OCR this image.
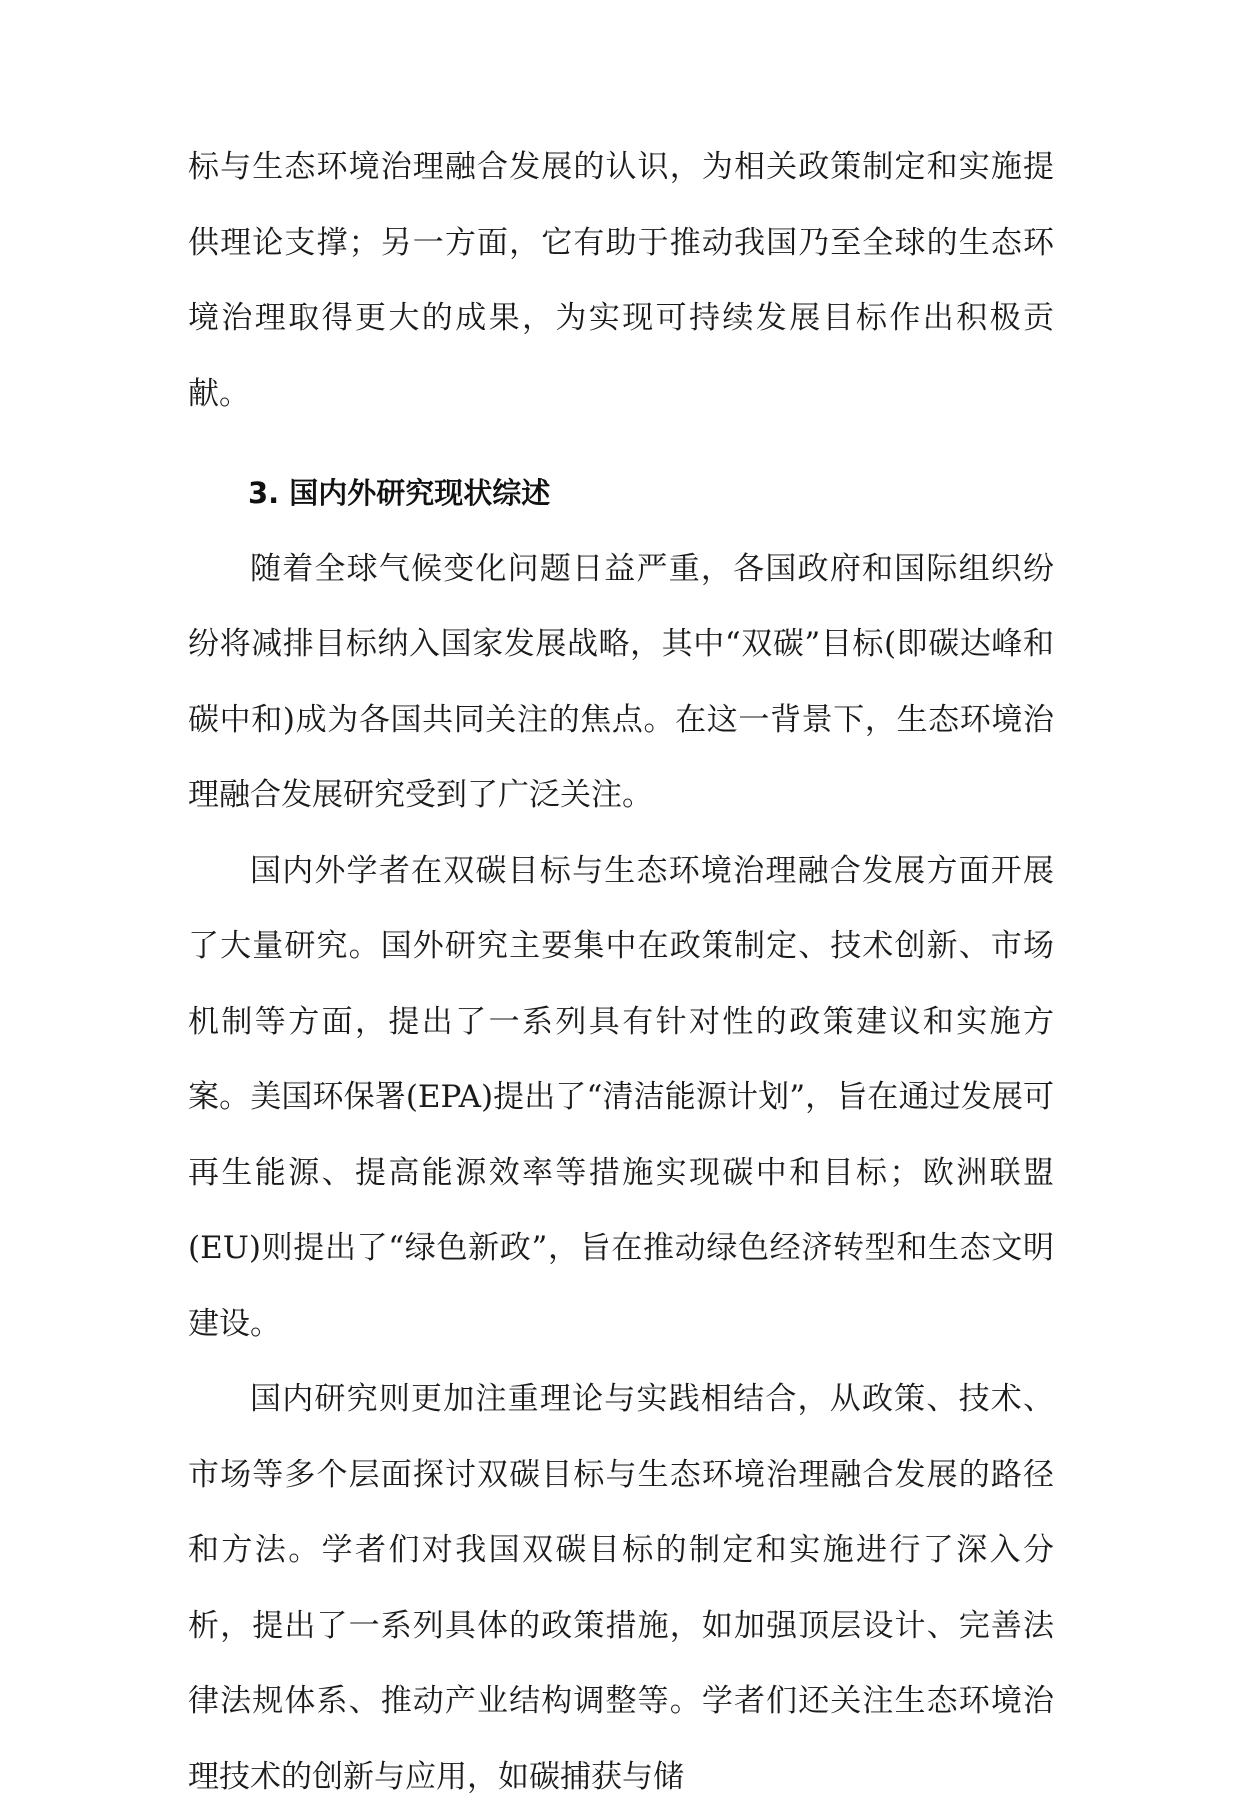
标与生态环境治理融合发展的认识，为相关政策制定和实施提供理论支撑；另一方面，它有助于推动我国乃至全球的生态环境治理取得更大的成果，为实现可持续发展目标作出积极贡献。

3. 国内外研究现状综述

随着全球气候变化问题日益严重，各国政府和国际组织纷纷将减排目标纳入国家发展战略，其中“双碳”目标(即碳达峰和碳中和)成为各国共同关注的焦点。在这一背景下，生态环境治理融合发展研究受到了广泛关注。

国内外学者在双碳目标与生态环境治理融合发展方面开展了大量研究。国外研究主要集中在政策制定、技术创新、市场机制等方面，提出了一系列具有针对性的政策建议和实施方案。美国环保署(EPA)提出了“清洁能源计划”，旨在通过发展可再生能源、提高能源效率等措施实现碳中和目标；欧洲联盟(EU)则提出了“绿色新政”，旨在推动绿色经济转型和生态文明建设。

国内研究则更加注重理论与实践相结合，从政策、技术、市场等多个层面探讨双碳目标与生态环境治理融合发展的路径和方法。学者们对我国双碳目标的制定和实施进行了深入分析，提出了一系列具体的政策措施，如加强顶层设计、完善法律法规体系、推动产业结构调整等。学者们还关注生态环境治理技术的创新与应用，如碳捕获与储
